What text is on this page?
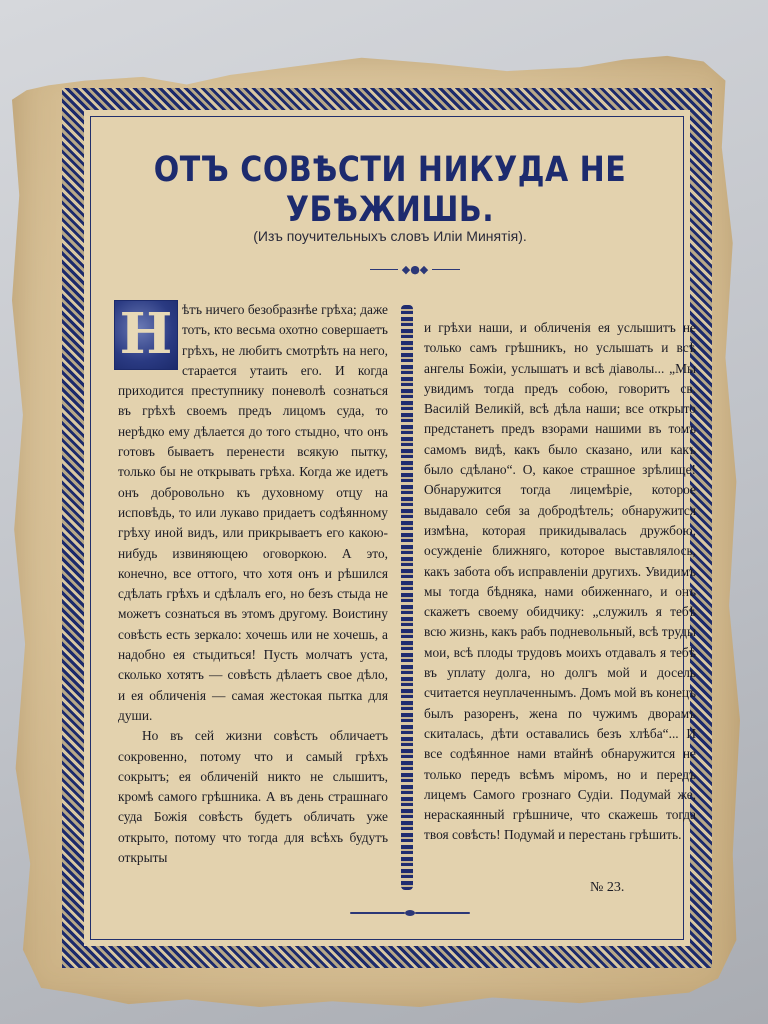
ОТЪ СОВѢСТИ НИКУДА НЕ УБѢЖИШЬ.
(Изъ поучительныхъ словъ Иліи Минятія).
◆●◆

Н ѣтъ ничего безобразнѣе грѣха; даже тотъ, кто весьма охотно совершаетъ грѣхъ, не любитъ смотрѣть на него, старается утаить его. И когда приходится преступнику поневолѣ сознаться въ грѣхѣ своемъ предъ лицомъ суда, то нерѣдко ему дѣлается до того стыдно, что онъ готовъ бываетъ перенести всякую пытку, только бы не открывать грѣха. Когда же идетъ онъ добровольно къ духовному отцу на исповѣдь, то или лукаво придаетъ содѣянному грѣху иной видъ, или прикрываетъ его какою-нибудь извиняющею оговоркою. А это, конечно, все оттого, что хотя онъ и рѣшился сдѣлать грѣхъ и сдѣлалъ его, но безъ стыда не можетъ сознаться въ этомъ другому. Воистину совѣсть есть зеркало: хочешь или не хочешь, а надобно ея стыдиться! Пусть молчатъ уста, сколько хотятъ — совѣсть дѣлаетъ свое дѣло, и ея обличенія — самая жестокая пытка для души.

Но въ сей жизни совѣсть обличаетъ сокровенно, потому что и самый грѣхъ сокрытъ; ея обличеній никто не слышитъ, кромѣ самого грѣшника. А въ день страшнаго суда Божія совѣсть будетъ обличать уже открыто, потому что тогда для всѣхъ будутъ открыты

и грѣхи наши, и обличенія ея услышитъ не только самъ грѣшникъ, но услышатъ и всѣ ангелы Божіи, услышатъ и всѣ діаволы... „Мы увидимъ тогда предъ собою, говоритъ св. Василій Великій, всѣ дѣла наши; все открыто предстанетъ предъ взорами нашими въ томъ самомъ видѣ, какъ было сказано, или какъ было сдѣлано“. О, какое страшное зрѣлище! Обнаружится тогда лицемѣріе, которое выдавало себя за добродѣтель; обнаружится измѣна, которая прикидывалась дружбою, осужденіе ближняго, которое выставлялось, какъ забота объ исправленіи другихъ. Увидимъ мы тогда бѣдняка, нами обиженнаго, и онъ скажетъ своему обидчику: „служилъ я тебѣ всю жизнь, какъ рабъ подневольный, всѣ труды мои, всѣ плоды трудовъ моихъ отдавалъ я тебѣ въ уплату долга, но долгъ мой и досель считается неуплаченнымъ. Домъ мой въ конецъ былъ разоренъ, жена по чужимъ дворамъ скиталась, дѣти оставались безъ хлѣба“... И все содѣянное нами втайнѣ обнаружится не только передъ всѣмъ міромъ, но и передъ лицемъ Самого грознаго Судіи. Подумай же, нераскаянный грѣшниче, что скажешь тогда твоя совѣсть! Подумай и перестань грѣшить.

№ 23.
